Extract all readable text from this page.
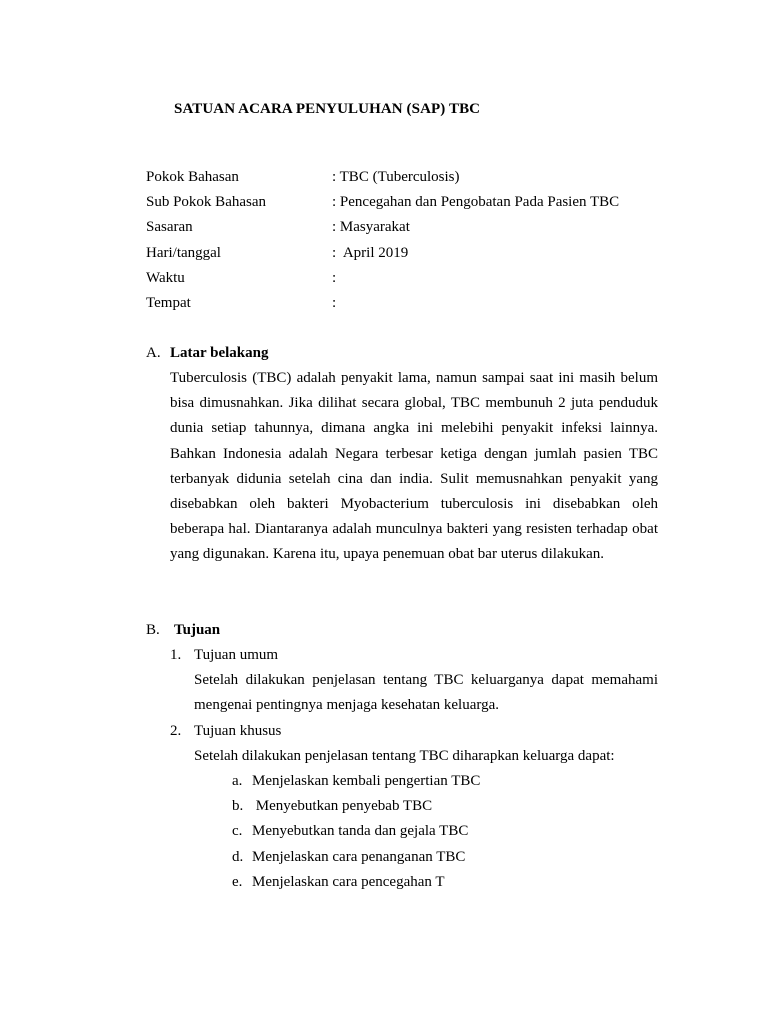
SATUAN ACARA PENYULUHAN (SAP) TBC
Pokok Bahasan	: TBC (Tuberculosis)
Sub Pokok Bahasan	: Pencegahan dan Pengobatan Pada Pasien TBC
Sasaran	: Masyarakat
Hari/tanggal	:  April 2019
Waktu	:
Tempat	:
A. Latar belakang
Tuberculosis (TBC) adalah penyakit lama, namun sampai saat ini masih belum bisa dimusnahkan. Jika dilihat secara global, TBC membunuh 2 juta penduduk dunia setiap tahunnya, dimana angka ini melebihi penyakit infeksi lainnya. Bahkan Indonesia adalah Negara terbesar ketiga dengan jumlah pasien TBC terbanyak didunia setelah cina dan india. Sulit memusnahkan penyakit yang disebabkan oleh bakteri Myobacterium tuberculosis ini disebabkan oleh beberapa hal. Diantaranya adalah munculnya bakteri yang resisten terhadap obat yang digunakan. Karena itu, upaya penemuan obat bar uterus dilakukan.
B. Tujuan
1. Tujuan umum
Setelah dilakukan penjelasan tentang TBC keluarganya dapat memahami mengenai pentingnya menjaga kesehatan keluarga.
2. Tujuan khusus
Setelah dilakukan penjelasan tentang TBC diharapkan keluarga dapat:
a. Menjelaskan kembali pengertian TBC
b. Menyebutkan penyebab TBC
c. Menyebutkan tanda dan gejala TBC
d. Menjelaskan cara penanganan TBC
e. Menjelaskan cara pencegahan T
